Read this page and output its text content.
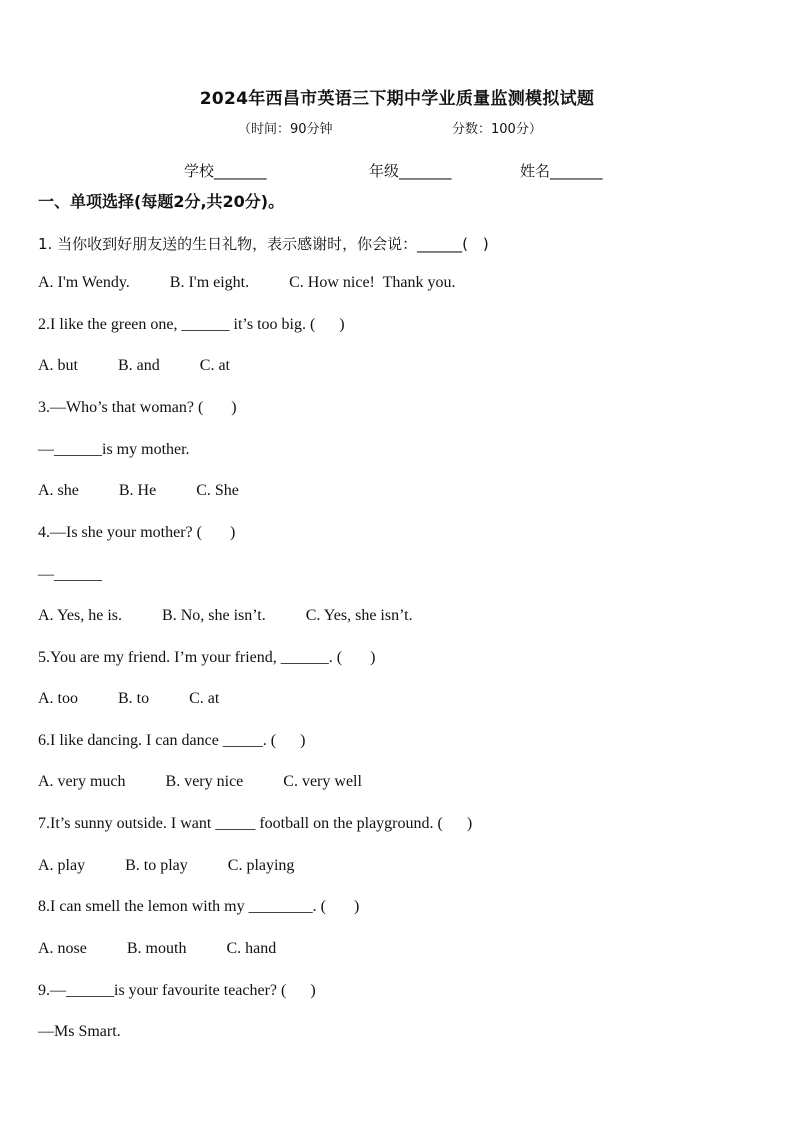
2024年西昌市英语三下期中学业质量监测模拟试题
（时间：90分钟	分数：100分）
学校_______	年级_______	姓名_______
一、单项选择(每题2分,共20分)。
1. 当你收到好朋友送的生日礼物，表示感谢时，你会说：______(　)
A. I'm Wendy.          B. I'm eight.          C. How nice!  Thank you.
2.I like the green one, ______ it’s too big. (      )
A. but          B. and          C. at
3.—Who’s that woman? (       )
—______is my mother.
A. she          B. He          C. She
4.—Is she your mother? (       )
—______
A. Yes, he is.          B. No, she isn’t.          C. Yes, she isn’t.
5.You are my friend. I’m your friend, ______. (       )
A. too          B. to          C. at
6.I like dancing. I can dance _____. (      )
A. very much          B. very nice          C. very well
7.It’s sunny outside. I want _____ football on the playground. (      )
A. play          B. to play          C. playing
8.I can smell the lemon with my ________. (       )
A. nose          B. mouth          C. hand
9.—______is your favourite teacher? (      )
—Ms Smart.
